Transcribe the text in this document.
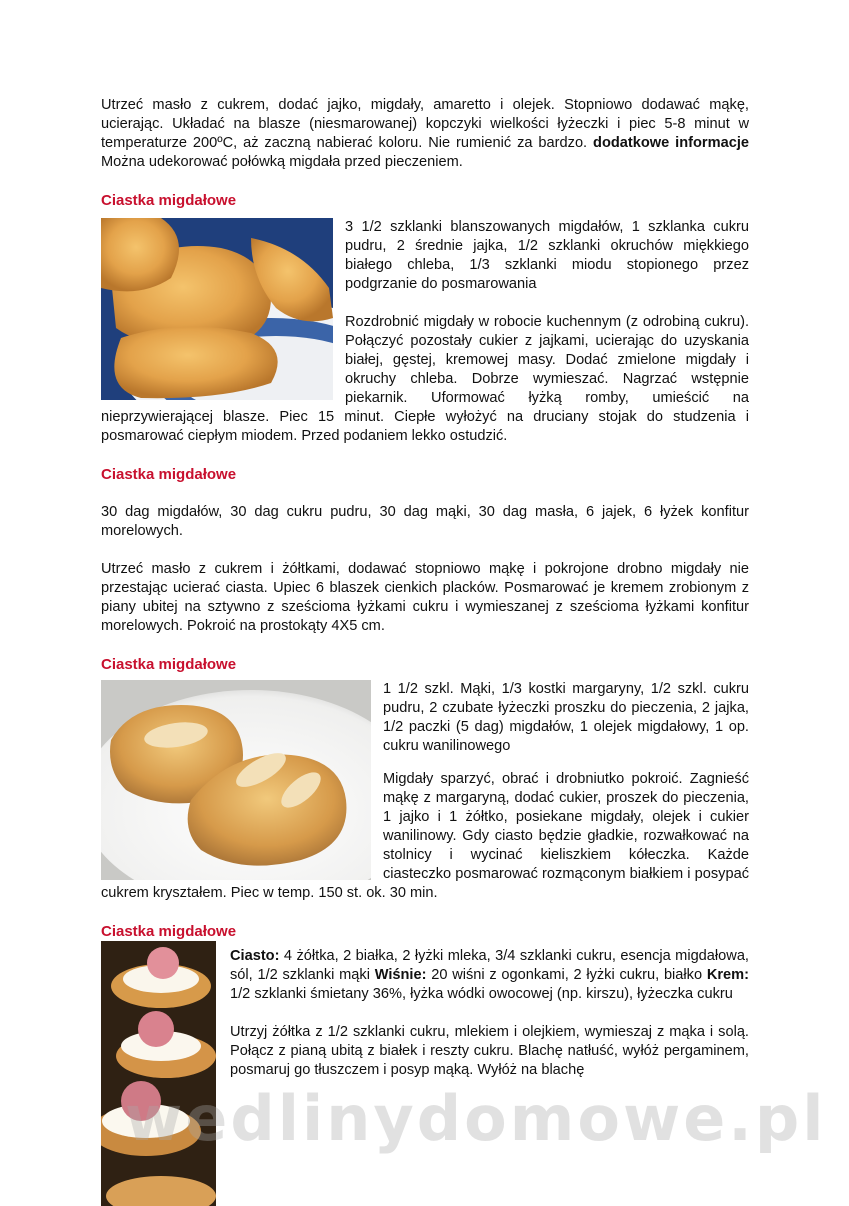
Utrzeć masło z cukrem, dodać jajko, migdały, amaretto i olejek. Stopniowo dodawać mąkę, ucierając. Układać na blasze (niesmarowanej) kopczyki wielkości łyżeczki i piec 5-8 minut w temperaturze 200ºC, aż zaczną nabierać koloru. Nie rumienić za bardzo. dodatkowe informacje Można udekorować połówką migdała przed pieczeniem.

Ciastka migdałowe

3 1/2 szklanki blanszowanych migdałów, 1 szklanka cukru pudru, 2 średnie jajka, 1/2 szklanki okruchów miękkiego białego chleba, 1/3 szklanki miodu stopionego przez podgrzanie do posmarowania

Rozdrobnić migdały w robocie kuchennym (z odrobiną cukru). Połączyć pozostały cukier z jajkami, ucierając do uzyskania białej, gęstej, kremowej masy. Dodać zmielone migdały i okruchy chleba. Dobrze wymieszać. Nagrzać wstępnie piekarnik. Uformować łyżką romby, umieścić na nieprzywierającej blasze. Piec 15 minut. Ciepłe wyłożyć na druciany stojak do studzenia i posmarować ciepłym miodem. Przed podaniem lekko ostudzić.

Ciastka migdałowe

30 dag migdałów, 30 dag cukru pudru, 30 dag mąki, 30 dag masła, 6 jajek, 6 łyżek konfitur morelowych.

Utrzeć masło z cukrem i żółtkami, dodawać stopniowo mąkę i pokrojone drobno migdały nie przestając ucierać ciasta. Upiec 6 blaszek cienkich placków. Posmarować je kremem zrobionym z piany ubitej na sztywno z sześcioma łyżkami cukru i wymieszanej z sześcioma łyżkami konfitur morelowych. Pokroić na prostokąty 4X5 cm.

Ciastka migdałowe

1 1/2 szkl. Mąki, 1/3 kostki margaryny, 1/2 szkl. cukru pudru, 2 czubate łyżeczki proszku do pieczenia, 2 jajka, 1/2 paczki (5 dag) migdałów, 1 olejek migdałowy, 1 op. cukru wanilinowego

Migdały sparzyć, obrać i drobniutko pokroić. Zagnieść mąkę z margaryną, dodać cukier, proszek do pieczenia, 1 jajko i 1 żółtko, posiekane migdały, olejek i cukier wanilinowy. Gdy ciasto będzie gładkie, rozwałkować na stolnicy i wycinać kieliszkiem kółeczka. Każde ciasteczko posmarować rozmąconym białkiem i posypać cukrem kryształem. Piec w temp. 150 st. ok. 30 min.

Ciastka migdałowe

Ciasto: 4 żółtka, 2 białka, 2 łyżki mleka, 3/4 szklanki cukru, esencja migdałowa, sól, 1/2 szklanki mąki Wiśnie: 20 wiśni z ogonkami, 2 łyżki cukru, białko Krem: 1/2 szklanki śmietany 36%, łyżka wódki owocowej (np. kirszu), łyżeczka cukru

Utrzyj żółtka z 1/2 szklanki cukru, mlekiem i olejkiem, wymieszaj z mąka i solą. Połącz z pianą ubitą z białek i reszty cukru. Blachę natłuść, wyłóż pergaminem, posmaruj go tłuszczem i posyp mąką. Wyłóż na blachę

wedlinydomowe.pl
